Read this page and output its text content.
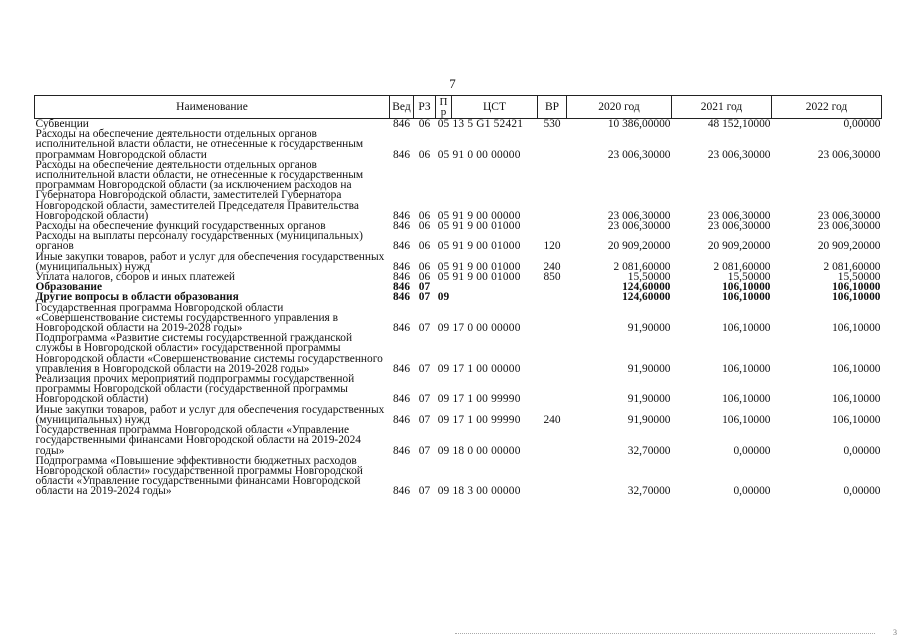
7
Наименование	Вед	РЗ	Пр	ЦСТ	ВР	2020 год	2021 год	2022 год
Субвенции	846	06	05	13 5 G1 52421	530	10 386,00000	48 152,10000	0,00000
Расходы на обеспечение деятельности отдельных органов исполнительной власти области, не отнесенные к государственным программам Новгородской области	846	06	05	91 0 00 00000		23 006,30000	23 006,30000	23 006,30000
Расходы на обеспечение деятельности отдельных органов исполнительной власти области, не отнесенные к государственным программам Новгородской области (за исключением расходов на Губернатора Новгородской области, заместителей Губернатора Новгородской области, заместителей Председателя Правительства Новгородской области)	846	06	05	91 9 00 00000		23 006,30000	23 006,30000	23 006,30000
Расходы на обеспечение функций государственных органов	846	06	05	91 9 00 01000		23 006,30000	23 006,30000	23 006,30000
Расходы на выплаты персоналу государственных (муниципальных) органов	846	06	05	91 9 00 01000	120	20 909,20000	20 909,20000	20 909,20000
Иные закупки товаров, работ и услуг для обеспечения государственных (муниципальных) нужд	846	06	05	91 9 00 01000	240	2 081,60000	2 081,60000	2 081,60000
Уплата налогов, сборов и иных платежей	846	06	05	91 9 00 01000	850	15,50000	15,50000	15,50000
Образование	846	07				124,60000	106,10000	106,10000
Другие вопросы в области образования	846	07	09			124,60000	106,10000	106,10000
Государственная программа Новгородской области «Совершенствование системы государственного управления в Новгородской области на 2019-2028 годы»	846	07	09	17 0 00 00000		91,90000	106,10000	106,10000
Подпрограмма «Развитие системы государственной гражданской службы в Новгородской области» государственной программы Новгородской области «Совершенствование системы государственного управления в Новгородской области на 2019-2028 годы»	846	07	09	17 1 00 00000		91,90000	106,10000	106,10000
Реализация прочих мероприятий подпрограммы государственной программы Новгородской области (государственной программы Новгородской области)	846	07	09	17 1 00 99990		91,90000	106,10000	106,10000
Иные закупки товаров, работ и услуг для обеспечения государственных (муниципальных) нужд	846	07	09	17 1 00 99990	240	91,90000	106,10000	106,10000
Государственная программа Новгородской области «Управление государственными финансами Новгородской области на 2019-2024 годы»	846	07	09	18 0 00 00000		32,70000	0,00000	0,00000
Подпрограмма «Повышение эффективности бюджетных расходов Новгородской области» государственной программы Новгородской области «Управление государственными финансами Новгородской области на 2019-2024 годы»	846	07	09	18 3 00 00000		32,70000	0,00000	0,00000
3
